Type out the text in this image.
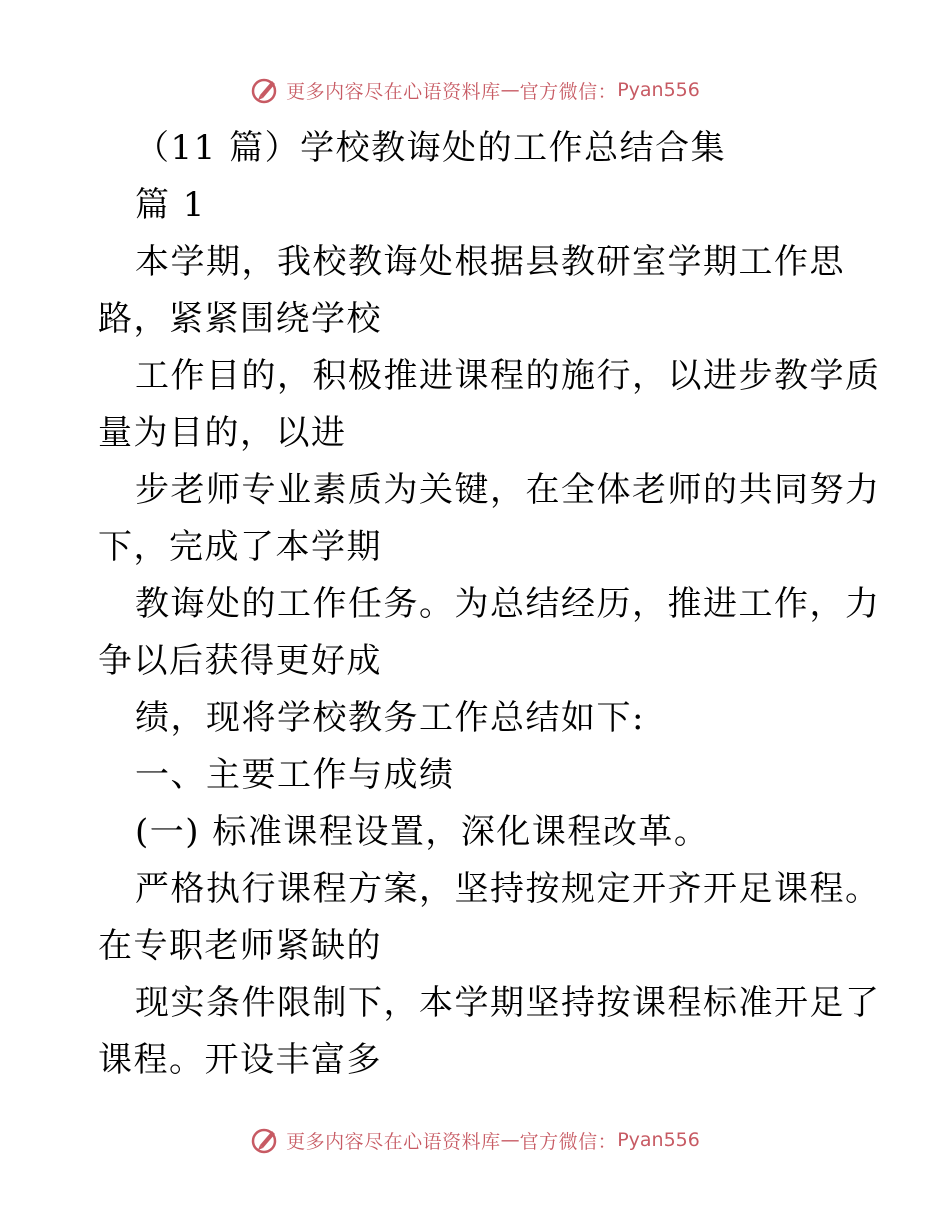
更多内容尽在心语资料库 — 官方微信： Pyan556
（11 篇）学校教诲处的工作总结合集
篇 1
本学期，我校教诲处根据县教研室学期工作思
路，紧紧围绕学校
工作目的，积极推进课程的施行，以进步教学质
量为目的，以进
步老师专业素质为关键，在全体老师的共同努力
下，完成了本学期
教诲处的工作任务。为总结经历，推进工作，力
争以后获得更好成
绩，现将学校教务工作总结如下:
一、主要工作与成绩
(一) 标准课程设置，深化课程改革。
严格执行课程方案，坚持按规定开齐开足课程。
在专职老师紧缺的
现实条件限制下，本学期坚持按课程标准开足了
课程。开设丰富多
更多内容尽在心语资料库 — 官方微信： Pyan556
